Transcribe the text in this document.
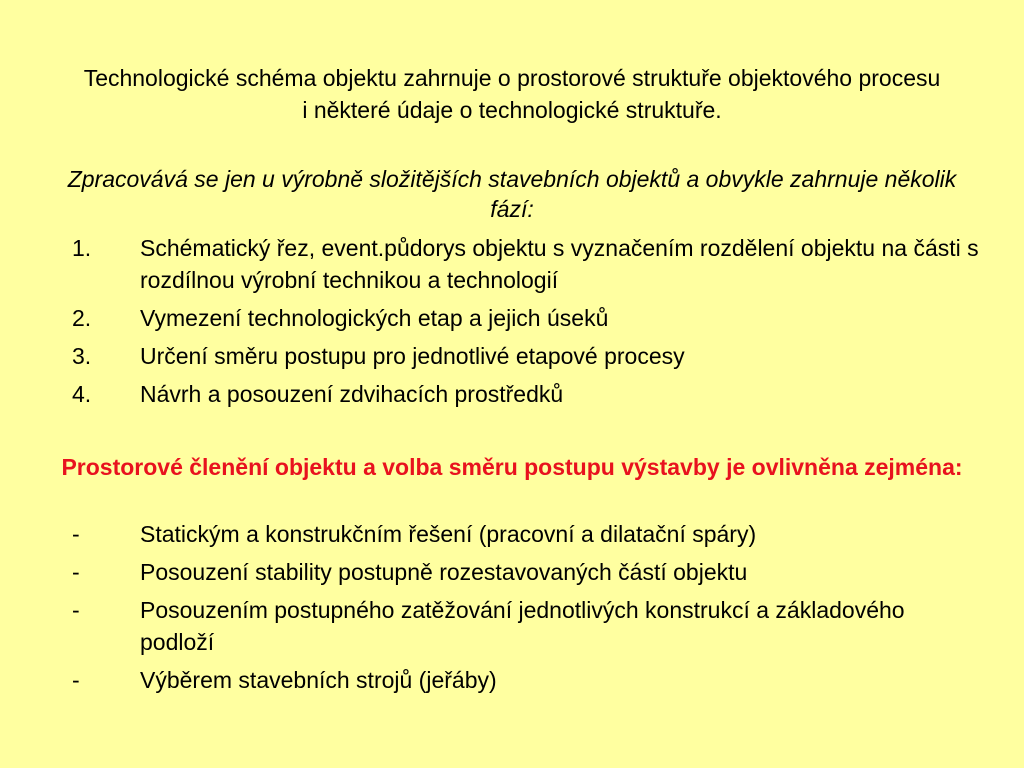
Technologické schéma objektu zahrnuje o prostorové struktuře objektového procesu i některé údaje o technologické struktuře.
Zpracovává se jen u výrobně složitějších stavebních objektů a obvykle zahrnuje několik fází:
1. Schématický řez, event.půdorys objektu s vyznačením rozdělení objektu na části s rozdílnou výrobní technikou a technologií
2. Vymezení technologických etap a jejich úseků
3. Určení směru postupu pro jednotlivé etapové procesy
4. Návrh a posouzení zdvihacích prostředků
Prostorové členění objektu a volba směru postupu výstavby je ovlivněna zejména:
-	Statickým a konstrukčním řešení (pracovní a dilatační spáry)
-	Posouzení stability postupně rozestavovaných částí objektu
-	Posouzením postupného zatěžování jednotlivých konstrukcí a základového podloží
-	Výběrem stavebních strojů (jeřáby)
